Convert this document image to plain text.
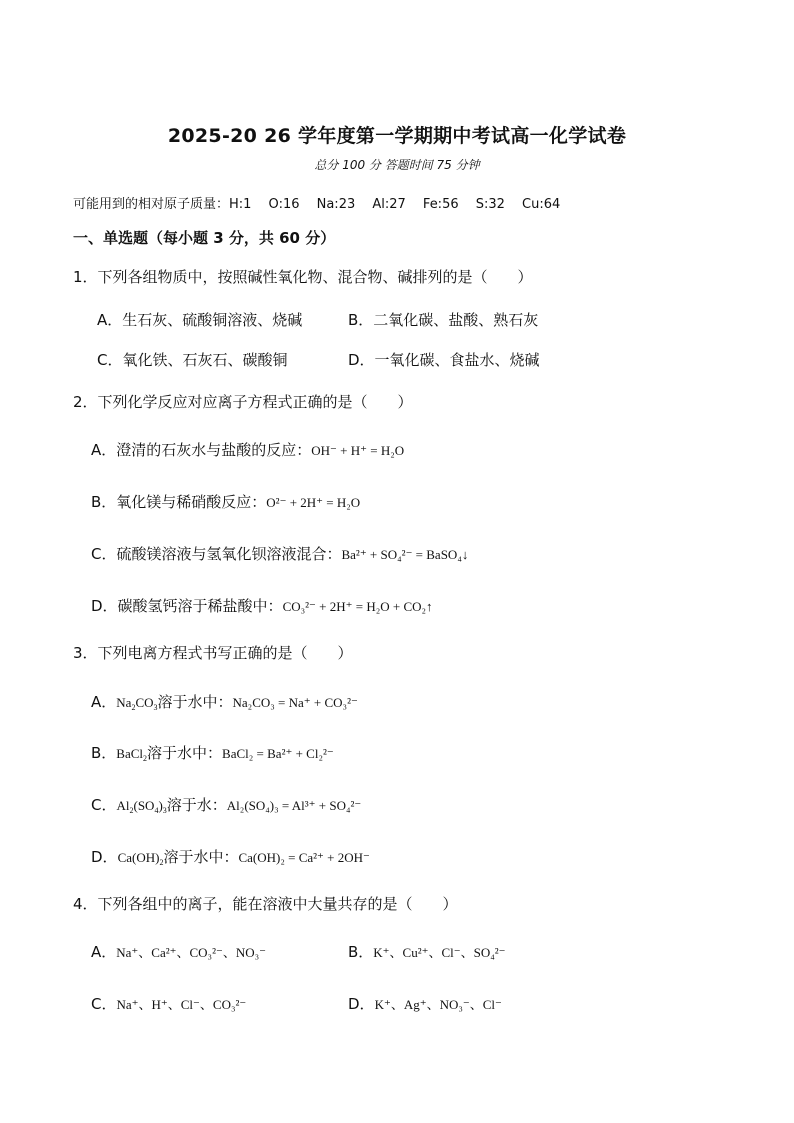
2025-20 26 学年度第一学期期中考试高一化学试卷
总分 100 分 答题时间 75 分钟
可能用到的相对原子质量：H:1　 O:16　 Na:23　 Al:27　 Fe:56　 S:32　 Cu:64
一、单选题（每小题 3 分，共 60 分）
1．下列各组物质中，按照碱性氧化物、混合物、碱排列的是（　　）
A．生石灰、硫酸铜溶液、烧碱	B．二氧化碳、盐酸、熟石灰
C．氧化铁、石灰石、碳酸铜	D．一氧化碳、食盐水、烧碱
2．下列化学反应对应离子方程式正确的是（　　）
A．澄清的石灰水与盐酸的反应：OH⁻ + H⁺ = H₂O
B．氧化镁与稀硝酸反应：O²⁻ + 2H⁺ = H₂O
C．硫酸镁溶液与氢氧化钡溶液混合：Ba²⁺ + SO₄²⁻ = BaSO₄↓
D．碳酸氢钙溶于稀盐酸中：CO₃²⁻ + 2H⁺ = H₂O + CO₂↑
3．下列电离方程式书写正确的是（　　）
A．$Na_2CO_3$溶于水中：Na₂CO₃ = Na⁺ + CO₃²⁻
B．BaCl$_2$溶于水中：BaCl₂ = Ba²⁺ + Cl₂²⁻
C．$Al_2(SO_4)_3$溶于水：Al₂(SO₄)₃ = Al³⁺ + SO₄²⁻
D．$Ca(OH)_2$溶于水中：Ca(OH)₂ = Ca²⁺ + 2OH⁻
4．下列各组中的离子，能在溶液中大量共存的是（　　）
A．Na⁺、Ca²⁺、CO₃²⁻、NO₃⁻	B．K⁺、Cu²⁺、Cl⁻、SO₄²⁻
C．Na⁺、H⁺、Cl⁻、CO₃²⁻	D．K⁺、Ag⁺、NO₃⁻、Cl⁻
